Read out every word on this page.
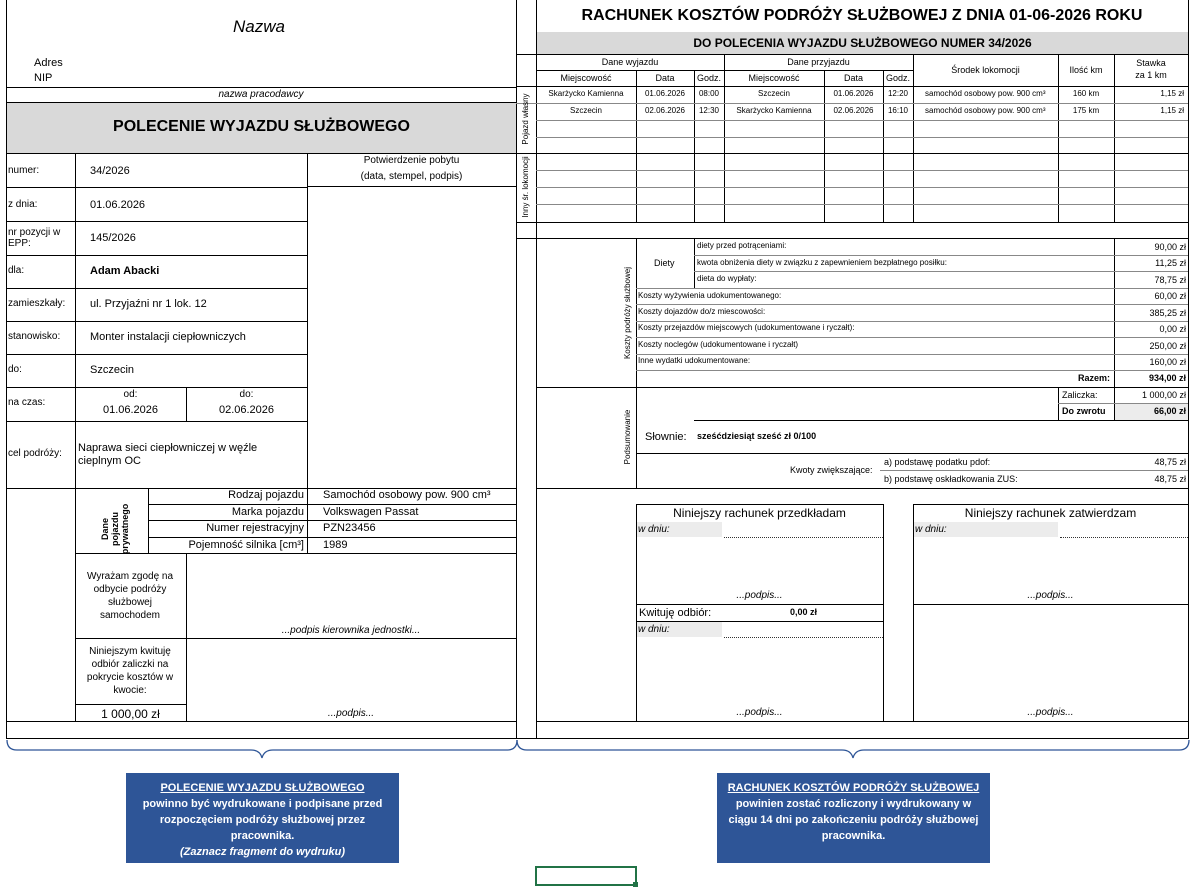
Nazwa
Adres
NIP
nazwa pracodawcy
POLECENIE WYJAZDU SŁUŻBOWEGO
numer:	34/2026
z dnia:	01.06.2026
nr pozycji w EPP:	145/2026
dla:	Adam Abacki
zamieszkały: ul. Przyjaźni nr 1 lok. 12
stanowisko:	Monter instalacji ciepłowniczych
do:	Szczecin
na czas:
od:
01.06.2026
do:
02.06.2026
cel podróży: Naprawa sieci ciepłowniczej w węźle cieplnym OC
Potwierdzenie pobytu
(data, stempel, podpis)
Dane pojazdu prywatnego
Rodzaj pojazdu Samochód osobowy pow. 900 cm³
Marka pojazdu Volkswagen Passat
Numer rejestracyjny PZN23456
Pojemność silnika [cm³] 1989
Wyrażam zgodę na odbycie podróży służbowej samochodem
...podpis kierownika jednostki...
Niniejszym kwituję odbiór zaliczki na pokrycie kosztów w kwocie:
1 000,00 zł	...podpis...
RACHUNEK KOSZTÓW PODRÓŻY SŁUŻBOWEJ Z DNIA 01-06-2026 ROKU
DO POLECENIA WYJAZDU SŁUŻBOWEGO NUMER 34/2026
Dane wyjazdu	Dane przyjazdu
Miejscowość	Data	Godz.	Miejscowość	Data	Godz.
Środek lokomocji	Ilość km
Stawka
za 1 km
Pojazd własny
Inny śr. lokomocji
Skarżycko Kamienna	01.06.2026	08:00	Szczecin	01.06.2026	12:20	samochód osobowy pow. 900 cm³	160 km	1,15 zł
Szczecin	02.06.2026	12:30	Skarżycko Kamienna	02.06.2026	16:10	samochód osobowy pow. 900 cm³	175 km	1,15 zł
Koszty podróży służbowej
Diety
diety przed potrąceniami:	90,00 zł
kwota obniżenia diety w związku z zapewnieniem bezpłatnego posiłku:	11,25 zł
dieta do wypłaty:	78,75 zł
Koszty wyżywienia udokumentowanego:	60,00 zł
Koszty dojazdów do/z miescowości:	385,25 zł
Koszty przejazdów miejscowych (udokumentowane i ryczałt):	0,00 zł
Koszty noclegów (udokumentowane i ryczałt)	250,00 zł
Inne wydatki udokumentowane:	160,00 zł
Razem:	934,00 zł
Podsumowanie
Zaliczka:	1 000,00 zł
Do zwrotu	66,00 zł
Słownie: sześćdziesiąt sześć zł 0/100
Kwoty zwiększające:
a) podstawę podatku pdof:	48,75 zł
b) podstawę oskładkowania ZUS:	48,75 zł
Niniejszy rachunek przedkładam
w dniu:
...podpis...
Niniejszy rachunek zatwierdzam
w dniu:
...podpis...
Kwituję odbiór:	0,00 zł
w dniu:
...podpis...	...podpis...
POLECENIE WYJAZDU SŁUŻBOWEGO
powinno być wydrukowane i podpisane przed rozpoczęciem podróży służbowej przez pracownika.
(Zaznacz fragment do wydruku)
RACHUNEK KOSZTÓW PODRÓŻY SŁUŻBOWEJ
powinien zostać rozliczony i wydrukowany w ciągu 14 dni po zakończeniu podróży służbowej pracownika.
